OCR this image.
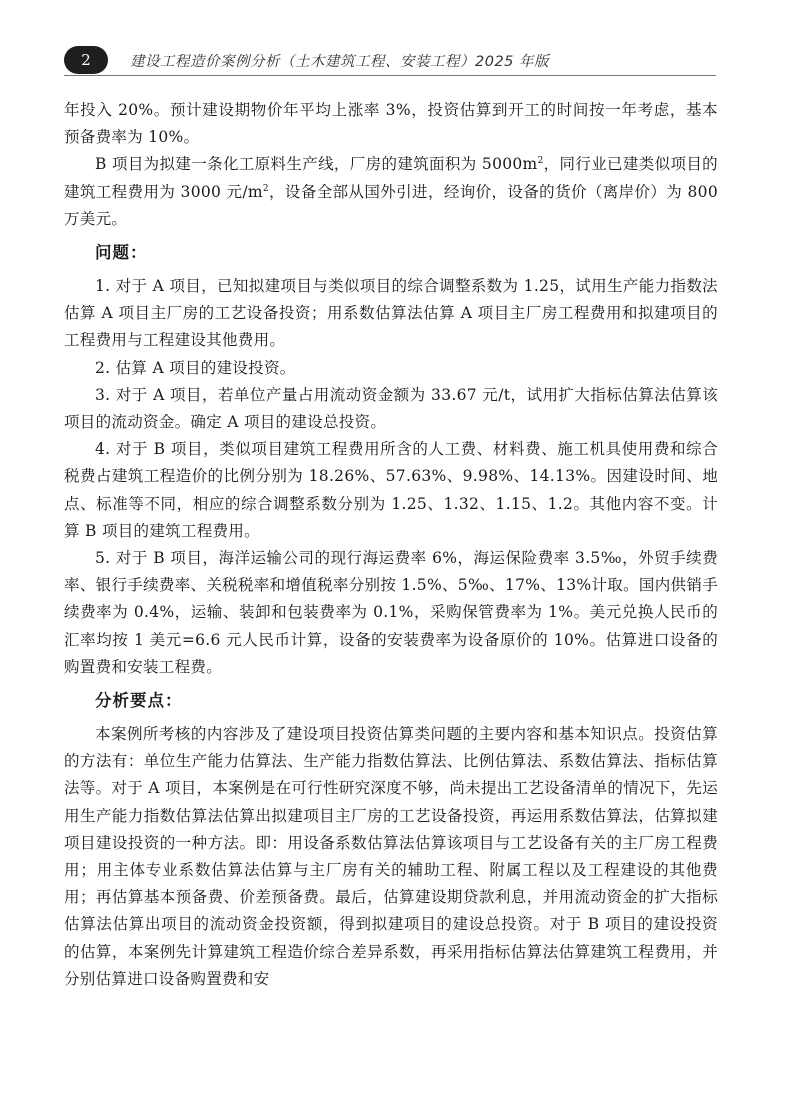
2	建设工程造价案例分析（土木建筑工程、安装工程）2025 年版

年投入 20%。预计建设期物价年平均上涨率 3%，投资估算到开工的时间按一年考虑，基本预备费率为 10%。

B 项目为拟建一条化工原料生产线，厂房的建筑面积为 $5000m^2$，同行业已建类似项目的建筑工程费用为 3000 元$/m^2$，设备全部从国外引进，经询价，设备的货价（离岸价）为 800 万美元。

问题：

1. 对于 A 项目，已知拟建项目与类似项目的综合调整系数为 1.25，试用生产能力指数法估算 A 项目主厂房的工艺设备投资；用系数估算法估算 A 项目主厂房工程费用和拟建项目的工程费用与工程建设其他费用。

2. 估算 A 项目的建设投资。

3. 对于 A 项目，若单位产量占用流动资金额为 33.67 元/t，试用扩大指标估算法估算该项目的流动资金。确定 A 项目的建设总投资。

4. 对于 B 项目，类似项目建筑工程费用所含的人工费、材料费、施工机具使用费和综合税费占建筑工程造价的比例分别为 18.26%、57.63%、9.98%、14.13%。因建设时间、地点、标准等不同，相应的综合调整系数分别为 1.25、1.32、1.15、1.2。其他内容不变。计算 B 项目的建筑工程费用。

5. 对于 B 项目，海洋运输公司的现行海运费率 6%，海运保险费率 3.5‰，外贸手续费率、银行手续费率、关税税率和增值税率分别按 1.5%、5‰、17%、13%计取。国内供销手续费率为 0.4%，运输、装卸和包装费率为 0.1%，采购保管费率为 1%。美元兑换人民币的汇率均按 1 美元=6.6 元人民币计算，设备的安装费率为设备原价的 10%。估算进口设备的购置费和安装工程费。

分析要点：

本案例所考核的内容涉及了建设项目投资估算类问题的主要内容和基本知识点。投资估算的方法有：单位生产能力估算法、生产能力指数估算法、比例估算法、系数估算法、指标估算法等。对于 A 项目，本案例是在可行性研究深度不够，尚未提出工艺设备清单的情况下，先运用生产能力指数估算法估算出拟建项目主厂房的工艺设备投资，再运用系数估算法，估算拟建项目建设投资的一种方法。即：用设备系数估算法估算该项目与工艺设备有关的主厂房工程费用；用主体专业系数估算法估算与主厂房有关的辅助工程、附属工程以及工程建设的其他费用；再估算基本预备费、价差预备费。最后，估算建设期贷款利息，并用流动资金的扩大指标估算法估算出项目的流动资金投资额，得到拟建项目的建设总投资。对于 B 项目的建设投资的估算，本案例先计算建筑工程造价综合差异系数，再采用指标估算法估算建筑工程费用，并分别估算进口设备购置费和安
